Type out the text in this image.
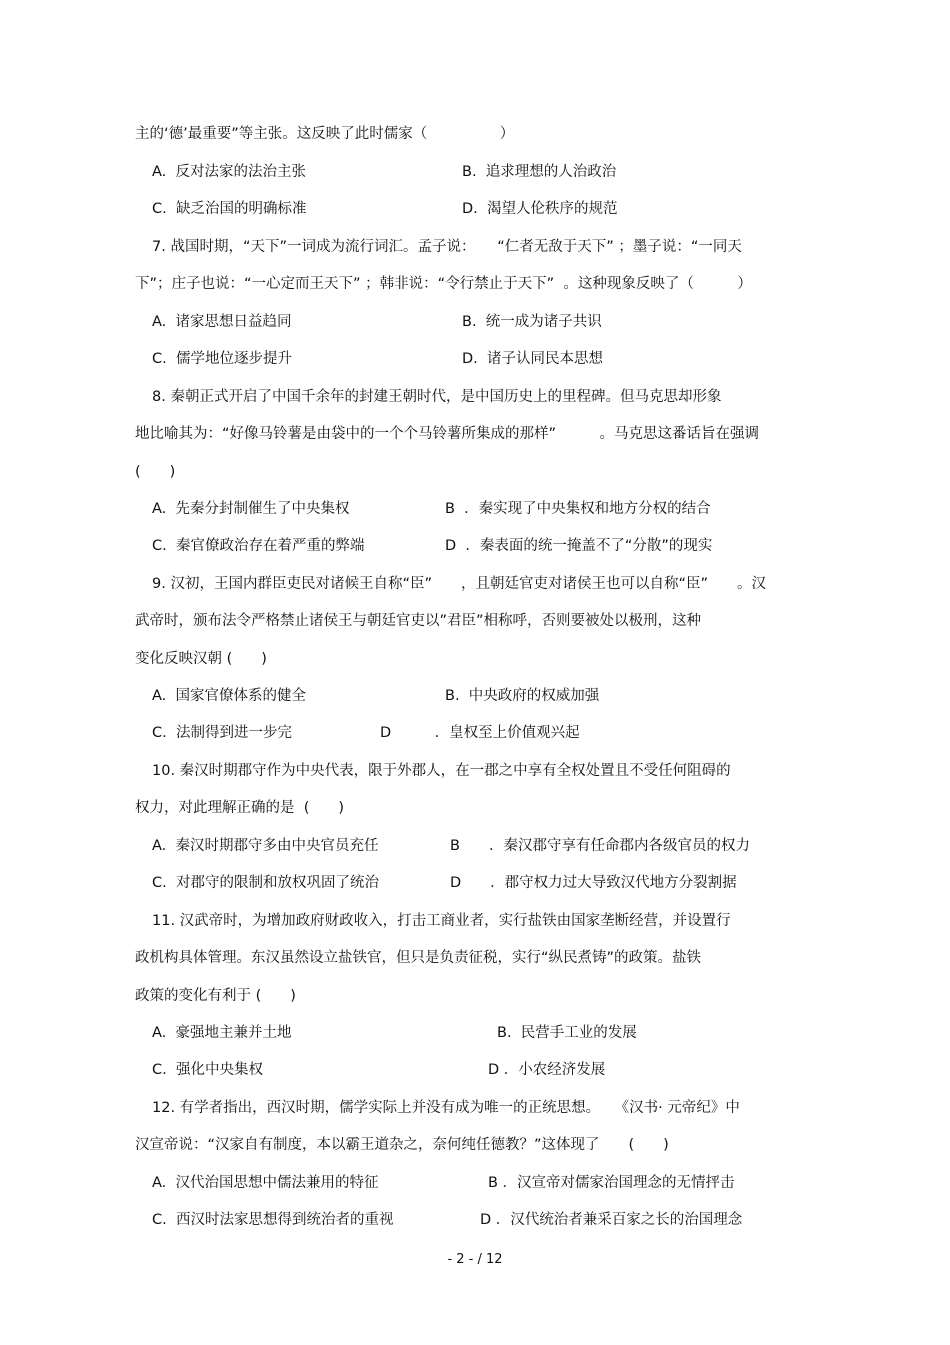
主的‘德’最重要”等主张。这反映了此时儒家（　　　　　）
A.  反对法家的法治主张	B.  追求理想的人治政治
C.  缺乏治国的明确标准	D.  渴望人伦秩序的规范
7. 战国时期，“天下”一词成为流行词汇。孟子说：　　“仁者无敌于天下” ；墨子说：“一同天
下”；庄子也说：“一心定而王天下” ；韩非说：“令行禁止于天下”  。这种现象反映了（　　　）
A.  诸家思想日益趋同	B.  统一成为诸子共识
C.  儒学地位逐步提升	D.  诸子认同民本思想
8. 秦朝正式开启了中国千余年的封建王朝时代，是中国历史上的里程碑。但马克思却形象
地比喻其为：“好像马铃薯是由袋中的一个个马铃薯所集成的那样”　　　。马克思这番话旨在强调
(　　)
A.  先秦分封制催生了中央集权	B  ．秦实现了中央集权和地方分权的结合
C.  秦官僚政治存在着严重的弊端	D  ．秦表面的统一掩盖不了“分散”的现实
9. 汉初，王国内群臣吏民对诸候王自称“臣”　　，且朝廷官吏对诸侯王也可以自称“臣”　　。汉
武帝时，颁布法令严格禁止诸侯王与朝廷官吏以”君臣”相称呼，否则要被处以极刑，这种
变化反映汉朝 (　　)
A.  国家官僚体系的健全	B.  中央政府的权威加强
C.  法制得到进一步完	D　　　．皇权至上价值观兴起
10. 秦汉时期郡守作为中央代表，限于外郡人，在一郡之中享有全权处置且不受任何阻碍的
权力，对此理解正确的是  (　　)
A.  秦汉时期郡守多由中央官员充任	B　　．秦汉郡守享有任命郡内各级官员的权力
C.  对郡守的限制和放权巩固了统治	D　　．郡守权力过大导致汉代地方分裂割据
11. 汉武帝时，为增加政府财政收入，打击工商业者，实行盐铁由国家垄断经营，并设置行
政机构具体管理。东汉虽然设立盐铁官，但只是负责征税，实行“纵民煮铸”的政策。盐铁
政策的变化有利于 (　　)
A.  豪强地主兼并土地	B.  民营手工业的发展
C.  强化中央集权	D ．小农经济发展
12. 有学者指出，西汉时期，儒学实际上并没有成为唯一的正统思想。　　《汉书· 元帝纪》中
汉宣帝说：“汉家自有制度，本以霸王道杂之，奈何纯任德教？”这体现了　　(　　)
A.  汉代治国思想中儒法兼用的特征	B ．汉宣帝对儒家治国理念的无情抨击
C.  西汉时法家思想得到统治者的重视	D ．汉代统治者兼采百家之长的治国理念
- 2 - / 12
